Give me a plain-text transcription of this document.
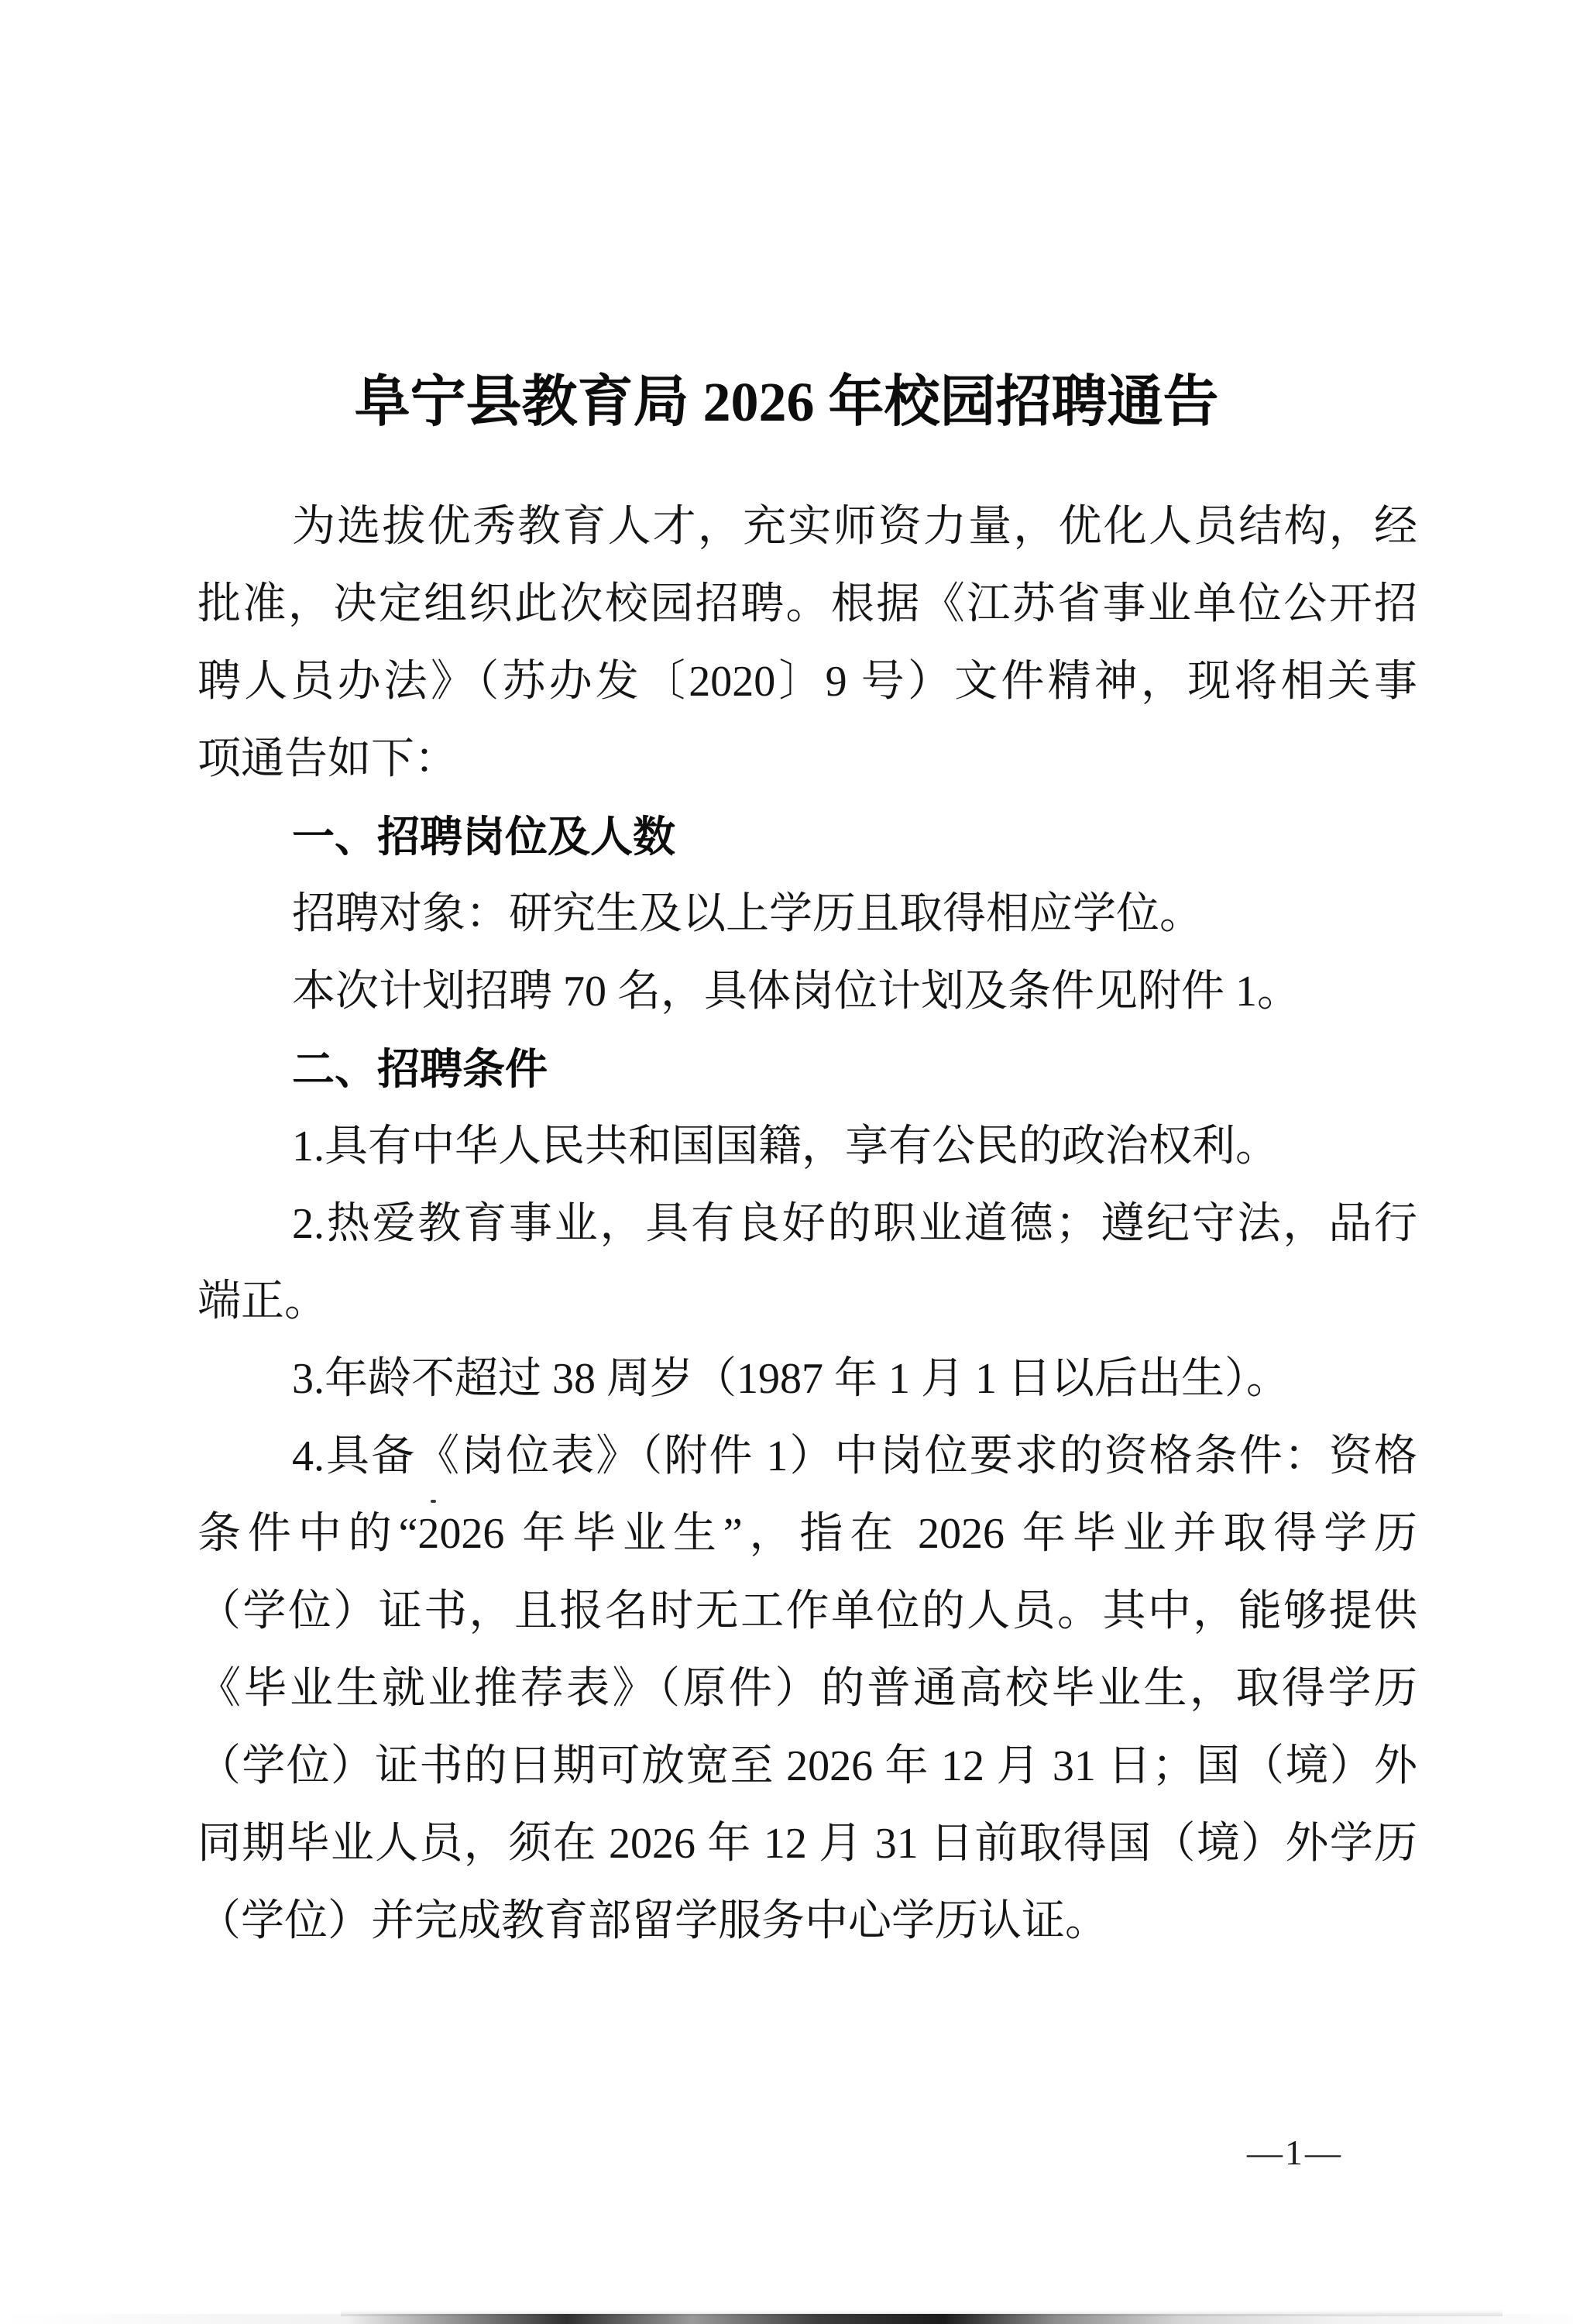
阜宁县教育局 2026 年校园招聘通告

为选拔优秀教育人才，充实师资力量，优化人员结构，经

批准，决定组织此次校园招聘。根据《江苏省事业单位公开招

聘人员办法》（苏办发〔2020〕9 号）文件精神，现将相关事

项通告如下：

一、招聘岗位及人数

招聘对象：研究生及以上学历且取得相应学位。

本次计划招聘 70 名，具体岗位计划及条件见附件 1。

二、招聘条件

1.具有中华人民共和国国籍，享有公民的政治权利。

2.热爱教育事业，具有良好的职业道德；遵纪守法，品行

端正。

3.年龄不超过 38 周岁（1987 年 1 月 1 日以后出生）。

4.具备《岗位表》（附件 1）中岗位要求的资格条件：资格

条件中的“2026 年毕业生”，指在 2026 年毕业并取得学历

（学位）证书，且报名时无工作单位的人员。其中，能够提供

《毕业生就业推荐表》（原件）的普通高校毕业生，取得学历

（学位）证书的日期可放宽至 2026 年 12 月 31 日；国（境）外

同期毕业人员，须在 2026 年 12 月 31 日前取得国（境）外学历

（学位）并完成教育部留学服务中心学历认证。

—1—
